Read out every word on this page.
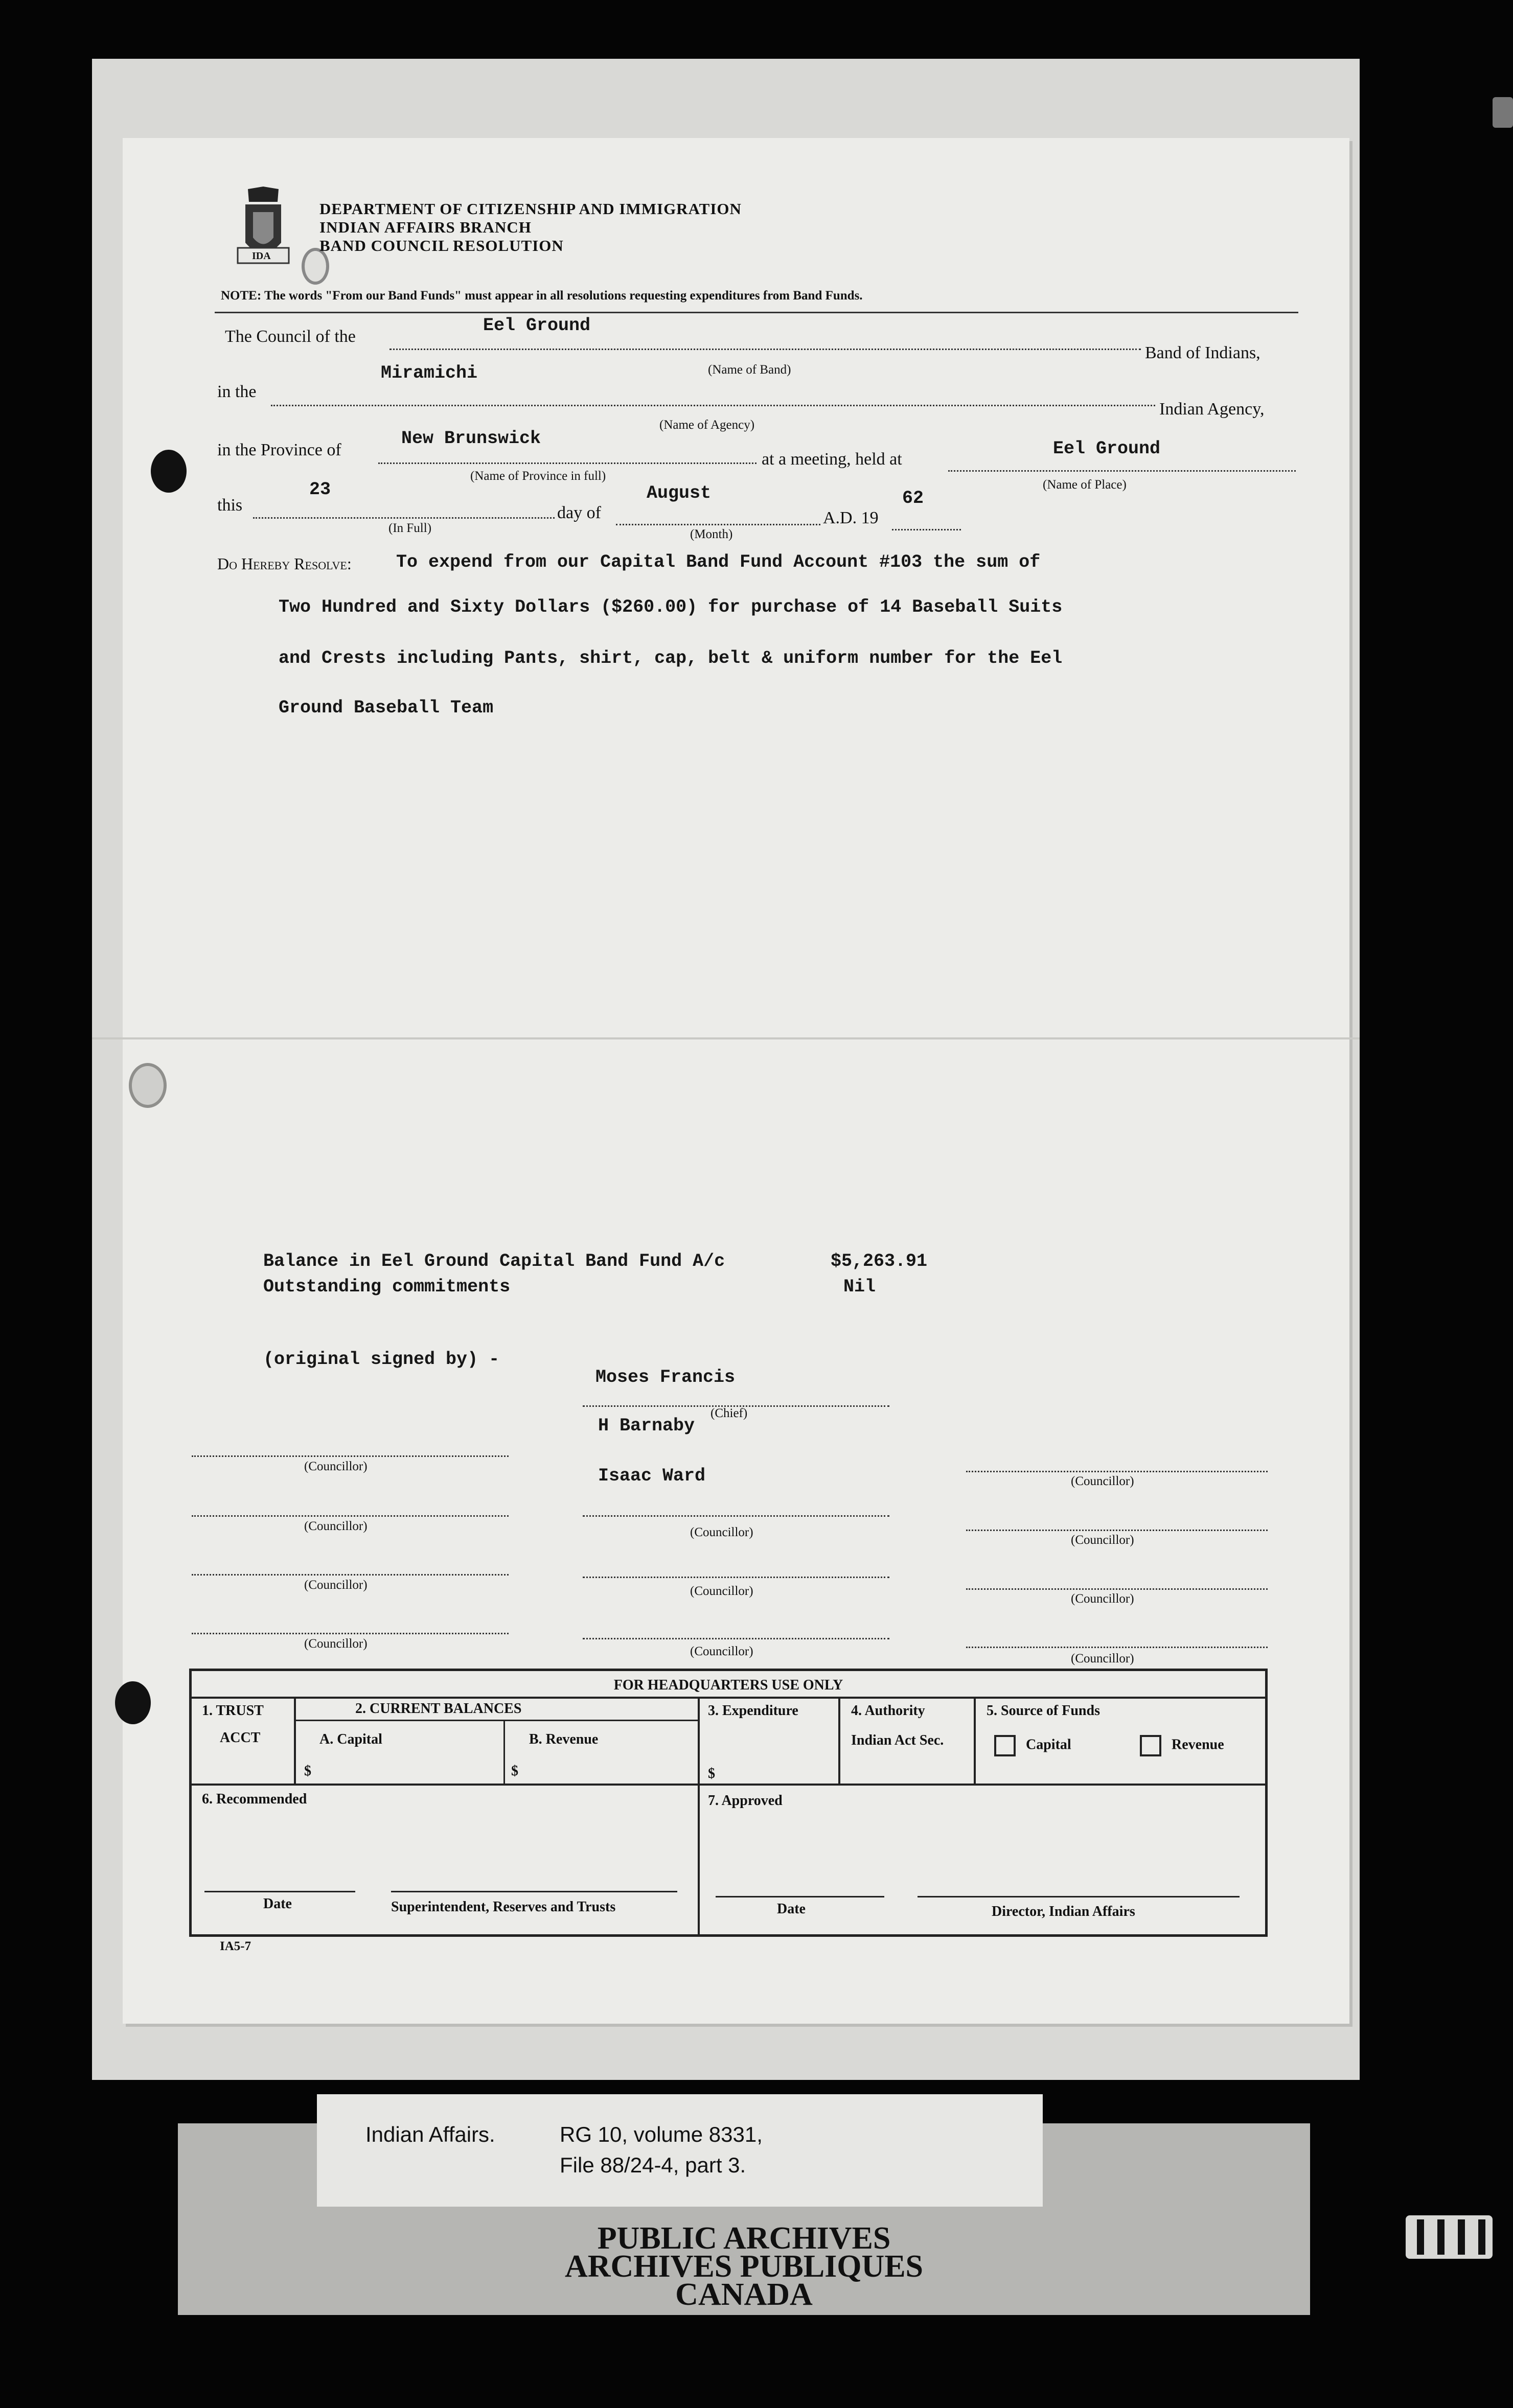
IDA
DEPARTMENT OF CITIZENSHIP AND IMMIGRATION
INDIAN AFFAIRS BRANCH
BAND COUNCIL RESOLUTION
NOTE: The words "From our Band Funds" must appear in all resolutions requesting expenditures from Band Funds.
The Council of the
Eel Ground
Band of Indians,
(Name of Band)
in the
Miramichi
Indian Agency,
(Name of Agency)
in the Province of
New Brunswick
at a meeting, held at
Eel Ground
(Name of Province in full)
(Name of Place)
this
23
day of
August
A.D. 19
62
(In Full)	(Month)
Do Hereby Resolve: To expend from our Capital Band Fund Account #103 the sum of
Two Hundred and Sixty Dollars ($260.00) for purchase of 14 Baseball Suits
and Crests including Pants, shirt, cap, belt & uniform number for the Eel
Ground Baseball Team
Balance in Eel Ground Capital Band Fund A/c	$5,263.91
Outstanding commitments	Nil
(original signed by) -
Moses Francis
(Chief)
H Barnaby
Isaac Ward
(Councillor)
(Councillor)
(Councillor)
(Councillor)
(Councillor)
(Councillor)
(Councillor)
(Councillor)
(Councillor)
(Councillor)
(Councillor)
FOR HEADQUARTERS USE ONLY
1. TRUST
ACCT
2. CURRENT BALANCES
A. Capital	B. Revenue
$	$
3. Expenditure
$
4. Authority
Indian Act Sec.
5. Source of Funds
Capital	Revenue
6. Recommended	7. Approved
Date	Superintendent, Reserves and Trusts	Date	Director, Indian Affairs
IA5-7
PUBLIC ARCHIVES
ARCHIVES PUBLIQUES
CANADA
Indian Affairs.	RG 10, volume 8331,
File 88/24-4, part 3.
